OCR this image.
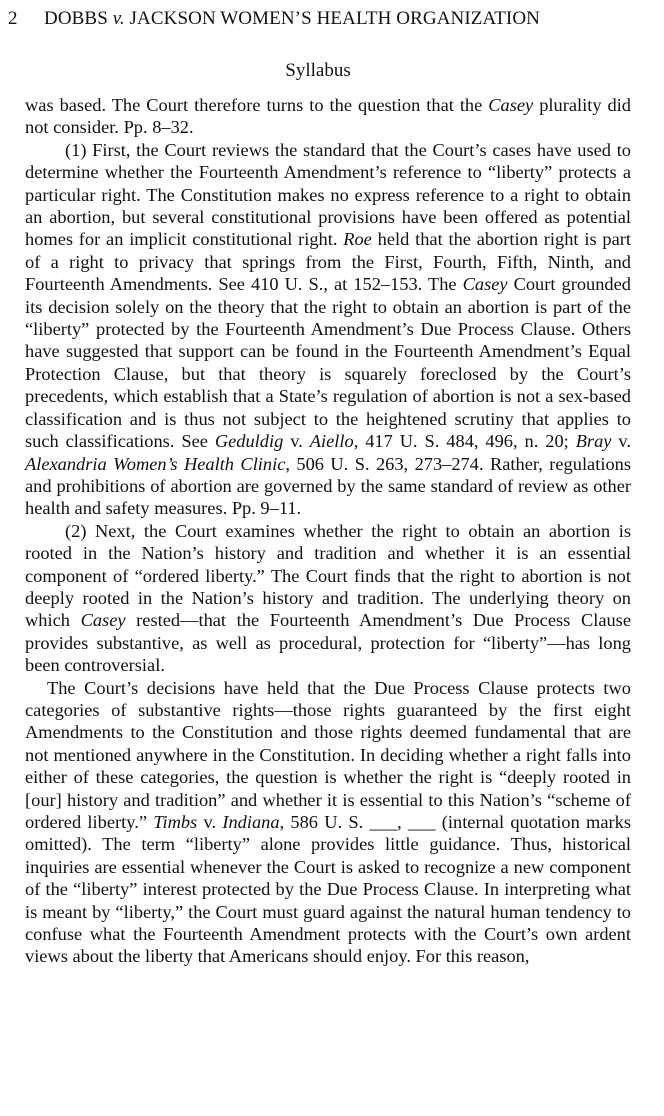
2 DOBBS v. JACKSON WOMEN’S HEALTH ORGANIZATION
Syllabus

was based. The Court therefore turns to the question that the Casey plurality did not consider. Pp. 8–32.

(1) First, the Court reviews the standard that the Court’s cases have used to determine whether the Fourteenth Amendment’s reference to “liberty” protects a particular right. The Constitution makes no express reference to a right to obtain an abortion, but several constitutional provisions have been offered as potential homes for an implicit constitutional right. Roe held that the abortion right is part of a right to privacy that springs from the First, Fourth, Fifth, Ninth, and Fourteenth Amendments. See 410 U. S., at 152–153. The Casey Court grounded its decision solely on the theory that the right to obtain an abortion is part of the “liberty” protected by the Fourteenth Amendment’s Due Process Clause. Others have suggested that support can be found in the Fourteenth Amendment’s Equal Protection Clause, but that theory is squarely foreclosed by the Court’s precedents, which establish that a State’s regulation of abortion is not a sex-based classification and is thus not subject to the heightened scrutiny that applies to such classifications. See Geduldig v. Aiello, 417 U. S. 484, 496, n. 20; Bray v. Alexandria Women’s Health Clinic, 506 U. S. 263, 273–274. Rather, regulations and prohibitions of abortion are governed by the same standard of review as other health and safety measures. Pp. 9–11.

(2) Next, the Court examines whether the right to obtain an abortion is rooted in the Nation’s history and tradition and whether it is an essential component of “ordered liberty.” The Court finds that the right to abortion is not deeply rooted in the Nation’s history and tradition. The underlying theory on which Casey rested—that the Fourteenth Amendment’s Due Process Clause provides substantive, as well as procedural, protection for “liberty”—has long been controversial.

The Court’s decisions have held that the Due Process Clause protects two categories of substantive rights—those rights guaranteed by the first eight Amendments to the Constitution and those rights deemed fundamental that are not mentioned anywhere in the Constitution. In deciding whether a right falls into either of these categories, the question is whether the right is “deeply rooted in [our] history and tradition” and whether it is essential to this Nation’s “scheme of ordered liberty.” Timbs v. Indiana, 586 U. S. ___, ___ (internal quotation marks omitted). The term “liberty” alone provides little guidance. Thus, historical inquiries are essential whenever the Court is asked to recognize a new component of the “liberty” interest protected by the Due Process Clause. In interpreting what is meant by “liberty,” the Court must guard against the natural human tendency to confuse what the Fourteenth Amendment protects with the Court’s own ardent views about the liberty that Americans should enjoy. For this reason,
